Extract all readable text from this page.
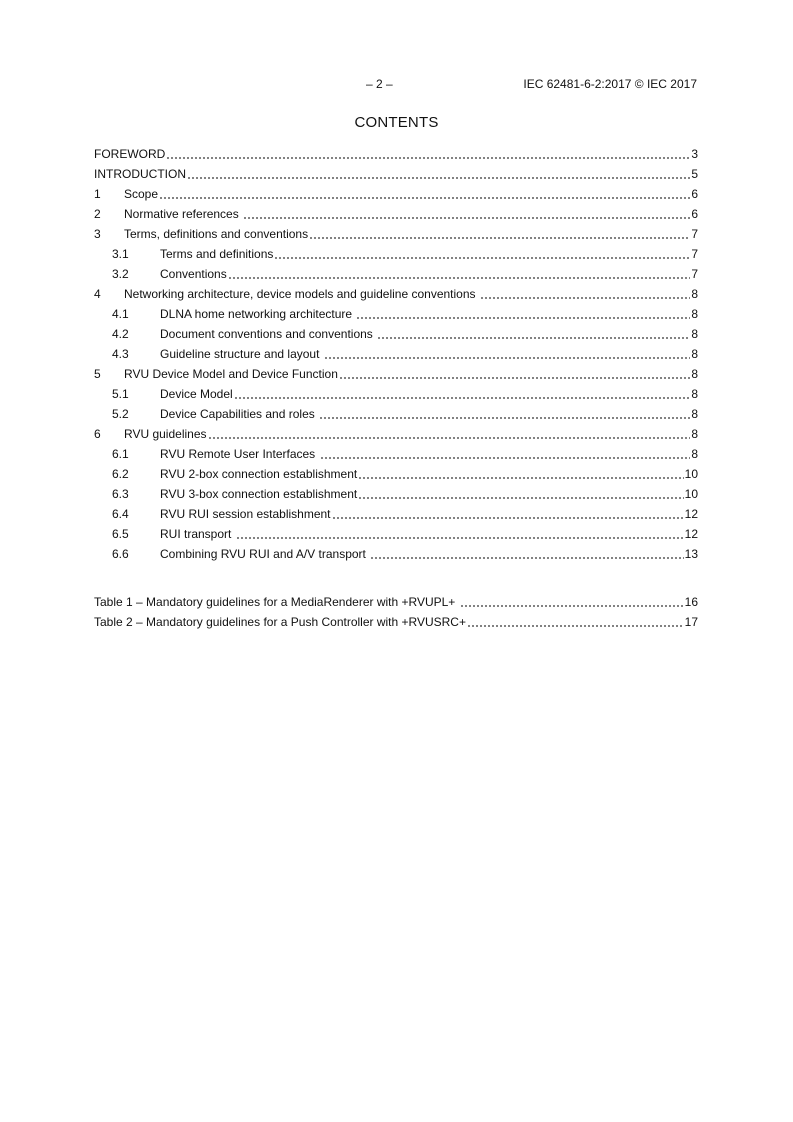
– 2 –	IEC 62481-6-2:2017 © IEC 2017
CONTENTS
FOREWORD	3
INTRODUCTION	5
1	Scope	6
2	Normative references	6
3	Terms, definitions and conventions	7
3.1	Terms and definitions	7
3.2	Conventions	7
4	Networking architecture, device models and guideline conventions	8
4.1	DLNA home networking architecture	8
4.2	Document conventions and conventions	8
4.3	Guideline structure and layout	8
5	RVU Device Model and Device Function	8
5.1	Device Model	8
5.2	Device Capabilities and roles	8
6	RVU guidelines	8
6.1	RVU Remote User Interfaces	8
6.2	RVU 2-box connection establishment	10
6.3	RVU 3-box connection establishment	10
6.4	RVU RUI session establishment	12
6.5	RUI transport	12
6.6	Combining RVU RUI and A/V transport	13
Table 1 – Mandatory guidelines for a MediaRenderer with +RVUPL+	16
Table 2 – Mandatory guidelines for a Push Controller with +RVUSRC+	17
